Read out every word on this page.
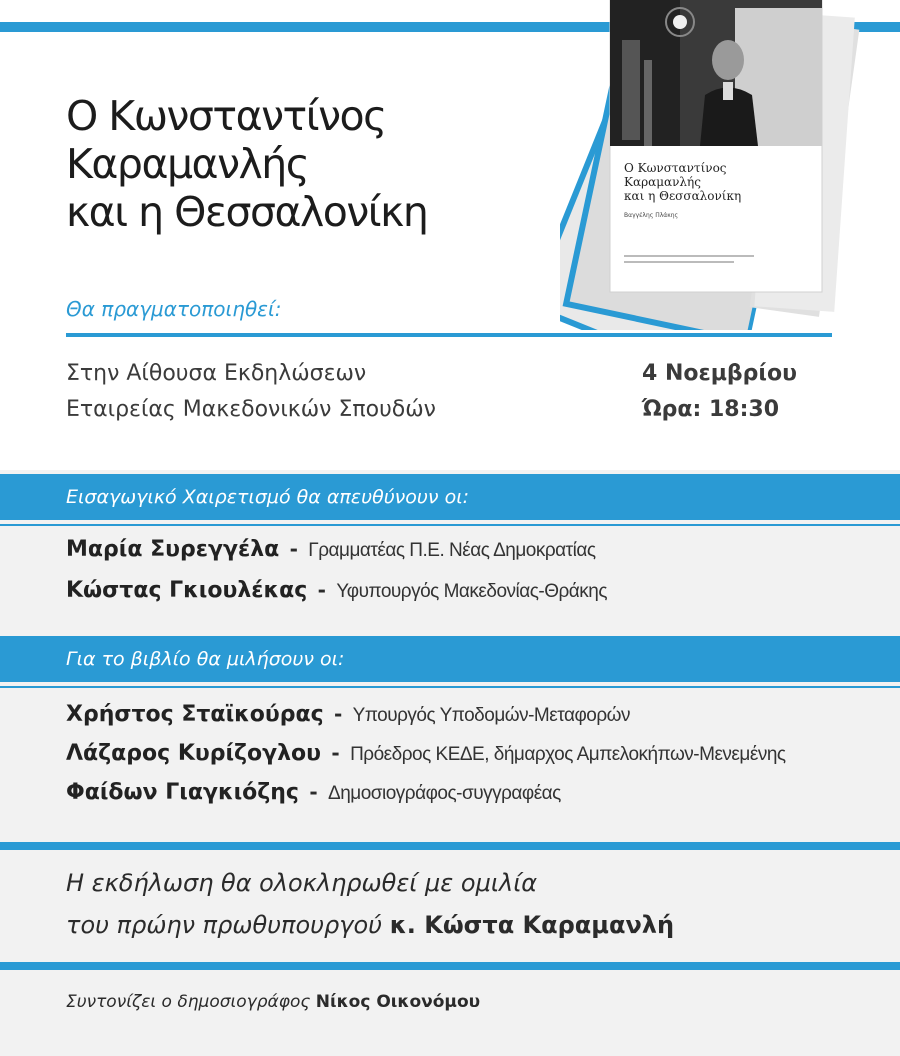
Ο Κωνσταντίνος
Καραμανλής
και η Θεσσαλονίκη
Ο Κωνσταντίνος
Καραμανλής
και η Θεσσαλονίκη
Βαγγέλης Πλάκης
Θα πραγματοποιηθεί:
Στην Αίθουσα Εκδηλώσεων
Εταιρείας Μακεδονικών Σπουδών
4 Νοεμβρίου
Ώρα: 18:30
Εισαγωγικό Χαιρετισμό θα απευθύνουν οι:
Μαρία Συρεγγέλα - Γραμματέας Π.Ε. Νέας Δημοκρατίας
Κώστας Γκιουλέκας - Υφυπουργός Μακεδονίας-Θράκης
Για το βιβλίο θα μιλήσουν οι:
Χρήστος Σταϊκούρας - Υπουργός Υποδομών-Μεταφορών
Λάζαρος Κυρίζογλου - Πρόεδρος ΚΕΔΕ, δήμαρχος Αμπελοκήπων-Μενεμένης
Φαίδων Γιαγκιόζης - Δημοσιογράφος-συγγραφέας
Η εκδήλωση θα ολοκληρωθεί με ομιλία
του πρώην πρωθυπουργού κ. Κώστα Καραμανλή
Συντονίζει ο δημοσιογράφος Νίκος Οικονόμου
